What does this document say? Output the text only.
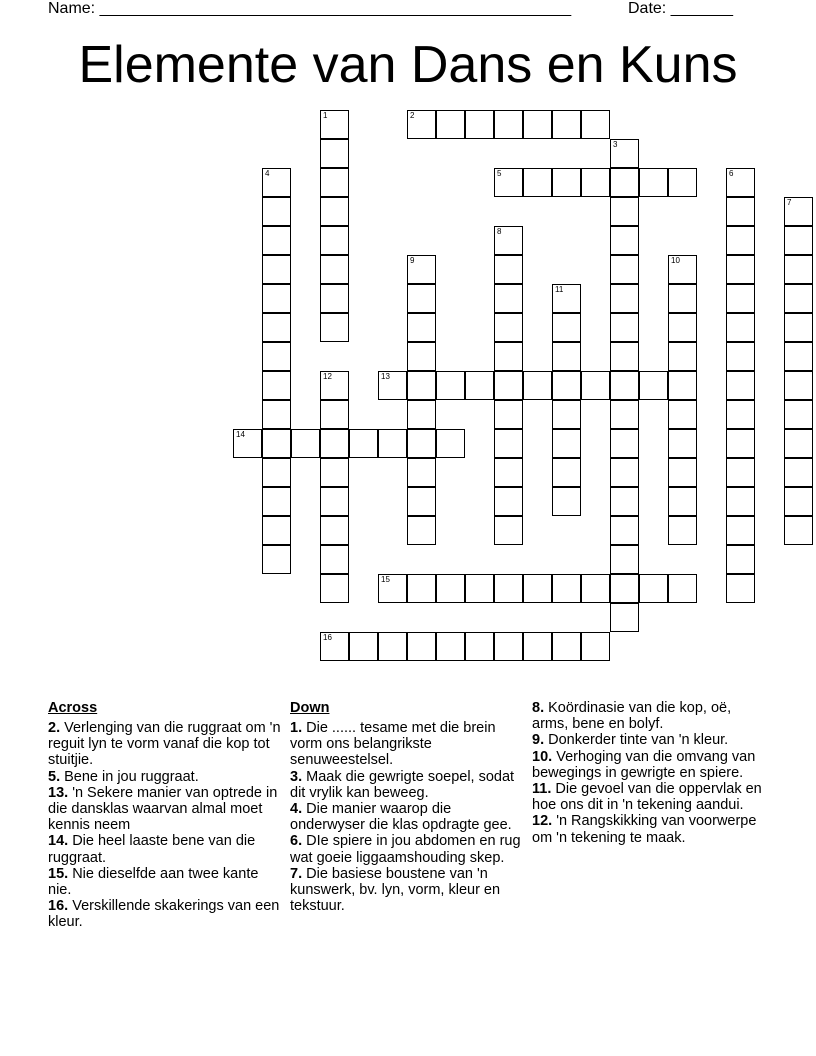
Name: _____________________________________________________	Date: _______
Elemente van Dans en Kuns
1	2
3
4	5	6
7
8
9	10
11
12	13
14
15
16
Across

2. Verlenging van die ruggraat om 'n reguit lyn te vorm vanaf die kop tot stuitjie.

5. Bene in jou ruggraat.

13. 'n Sekere manier van optrede in die dansklas waarvan almal moet kennis neem

14. Die heel laaste bene van die ruggraat.

15. Nie dieselfde aan twee kante nie.

16. Verskillende skakerings van een kleur.

Down

1. Die ...... tesame met die brein vorm ons belangrikste senuweestelsel.

3. Maak die gewrigte soepel, sodat dit vrylik kan beweeg.

4. Die manier waarop die onderwyser die klas opdragte gee.

6. DIe spiere in jou abdomen en rug wat goeie liggaamshouding skep.

7. Die basiese boustene van 'n kunswerk, bv. lyn, vorm, kleur en tekstuur.

8. Koördinasie van die kop, oë, arms, bene en bolyf.

9. Donkerder tinte van 'n kleur.

10. Verhoging van die omvang van bewegings in gewrigte en spiere.

11. Die gevoel van die oppervlak en hoe ons dit in 'n tekening aandui.

12. 'n Rangskikking van voorwerpe om 'n tekening te maak.
